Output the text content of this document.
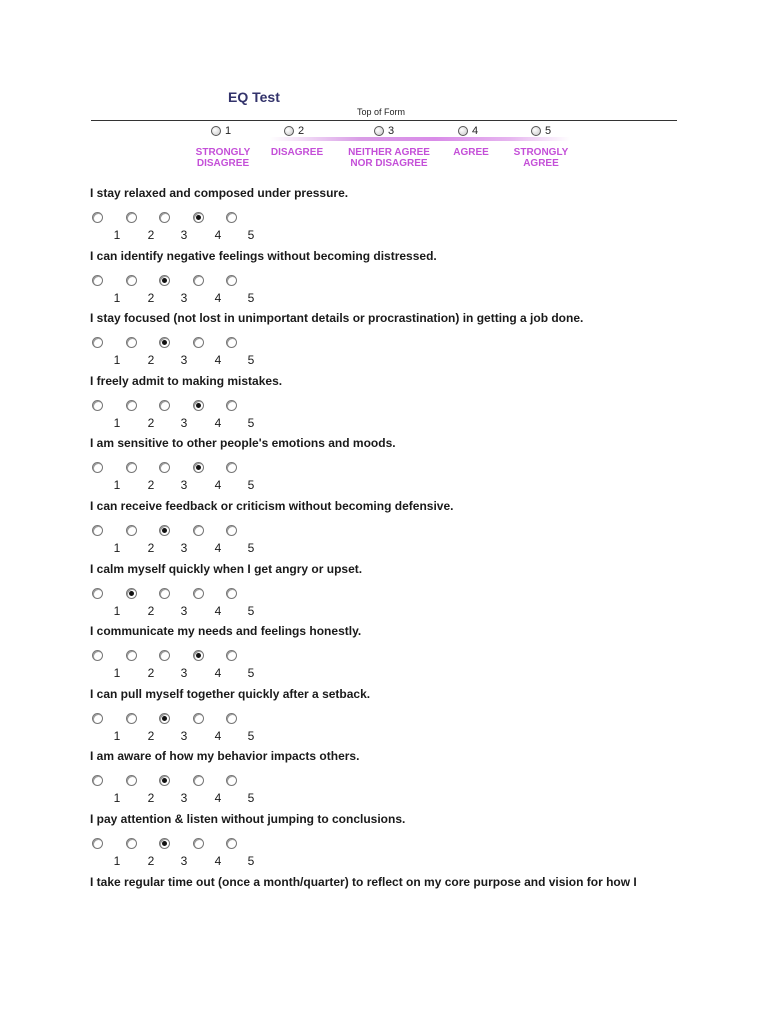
EQ Test
Top of Form
1
STRONGLY
DISAGREE
2
DISAGREE
3
NEITHER AGREE
NOR DISAGREE
4
AGREE
5
STRONGLY
AGREE
I stay relaxed and composed under pressure.
1 2 3 4 5
I can identify negative feelings without becoming distressed.
1 2 3 4 5
I stay focused (not lost in unimportant details or procrastination) in getting a job done.
1 2 3 4 5
I freely admit to making mistakes.
1 2 3 4 5
I am sensitive to other people's emotions and moods.
1 2 3 4 5
I can receive feedback or criticism without becoming defensive.
1 2 3 4 5
I calm myself quickly when I get angry or upset.
1 2 3 4 5
I communicate my needs and feelings honestly.
1 2 3 4 5
I can pull myself together quickly after a setback.
1 2 3 4 5
I am aware of how my behavior impacts others.
1 2 3 4 5
I pay attention & listen without jumping to conclusions.
1 2 3 4 5
I take regular time out (once a month/quarter) to reflect on my core purpose and vision for how I
